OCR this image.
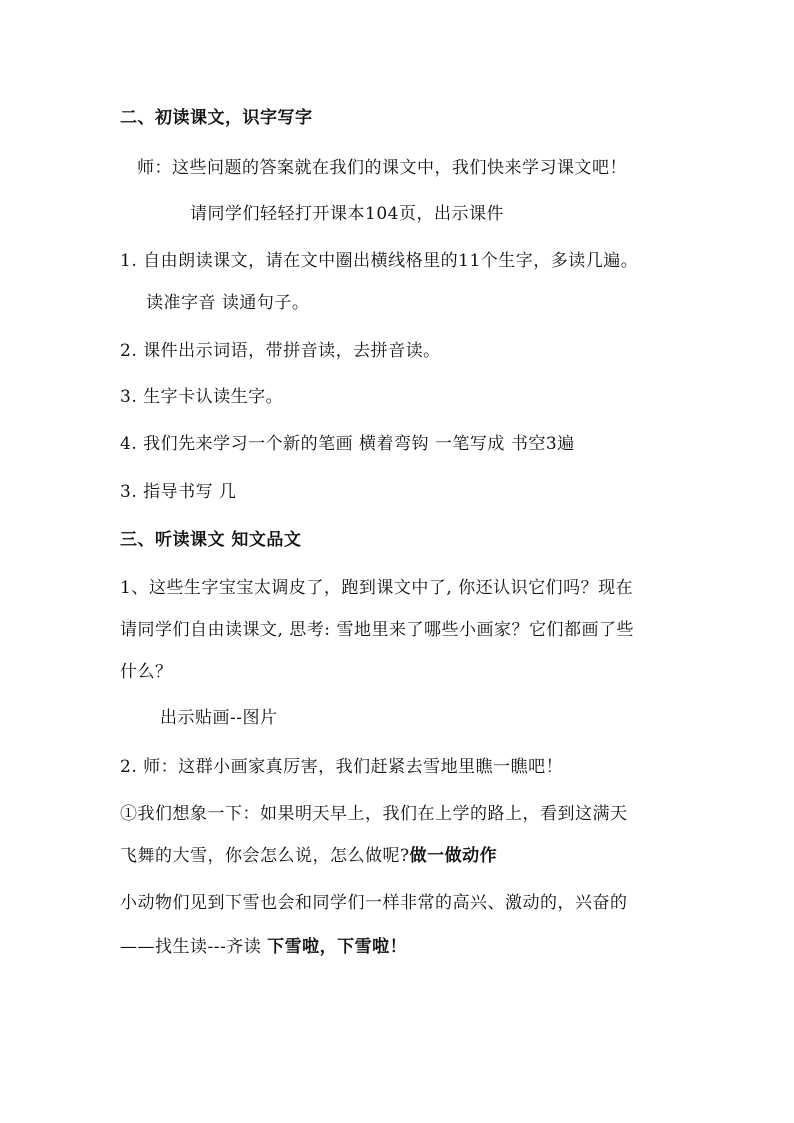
二、初读课文，识字写字
师：这些问题的答案就在我们的课文中，我们快来学习课文吧！
请同学们轻轻打开课本104页，出示课件
1. 自由朗读课文，请在文中圈出横线格里的11个生字，多读几遍。
读准字音 读通句子。
2. 课件出示词语，带拼音读，去拼音读。
3. 生字卡认读生字。
4. 我们先来学习一个新的笔画 横着弯钩 一笔写成 书空3遍
3. 指导书写 几
三、听读课文 知文品文
1、这些生字宝宝太调皮了，跑到课文中了, 你还认识它们吗？现在
请同学们自由读课文, 思考: 雪地里来了哪些小画家？它们都画了些
什么？
出示贴画--图片
2. 师：这群小画家真厉害，我们赶紧去雪地里瞧一瞧吧！
①我们想象一下：如果明天早上，我们在上学的路上，看到这满天
飞舞的大雪，你会怎么说，怎么做呢?做一做动作
小动物们见到下雪也会和同学们一样非常的高兴、激动的，兴奋的
——找生读---齐读 下雪啦，下雪啦！
